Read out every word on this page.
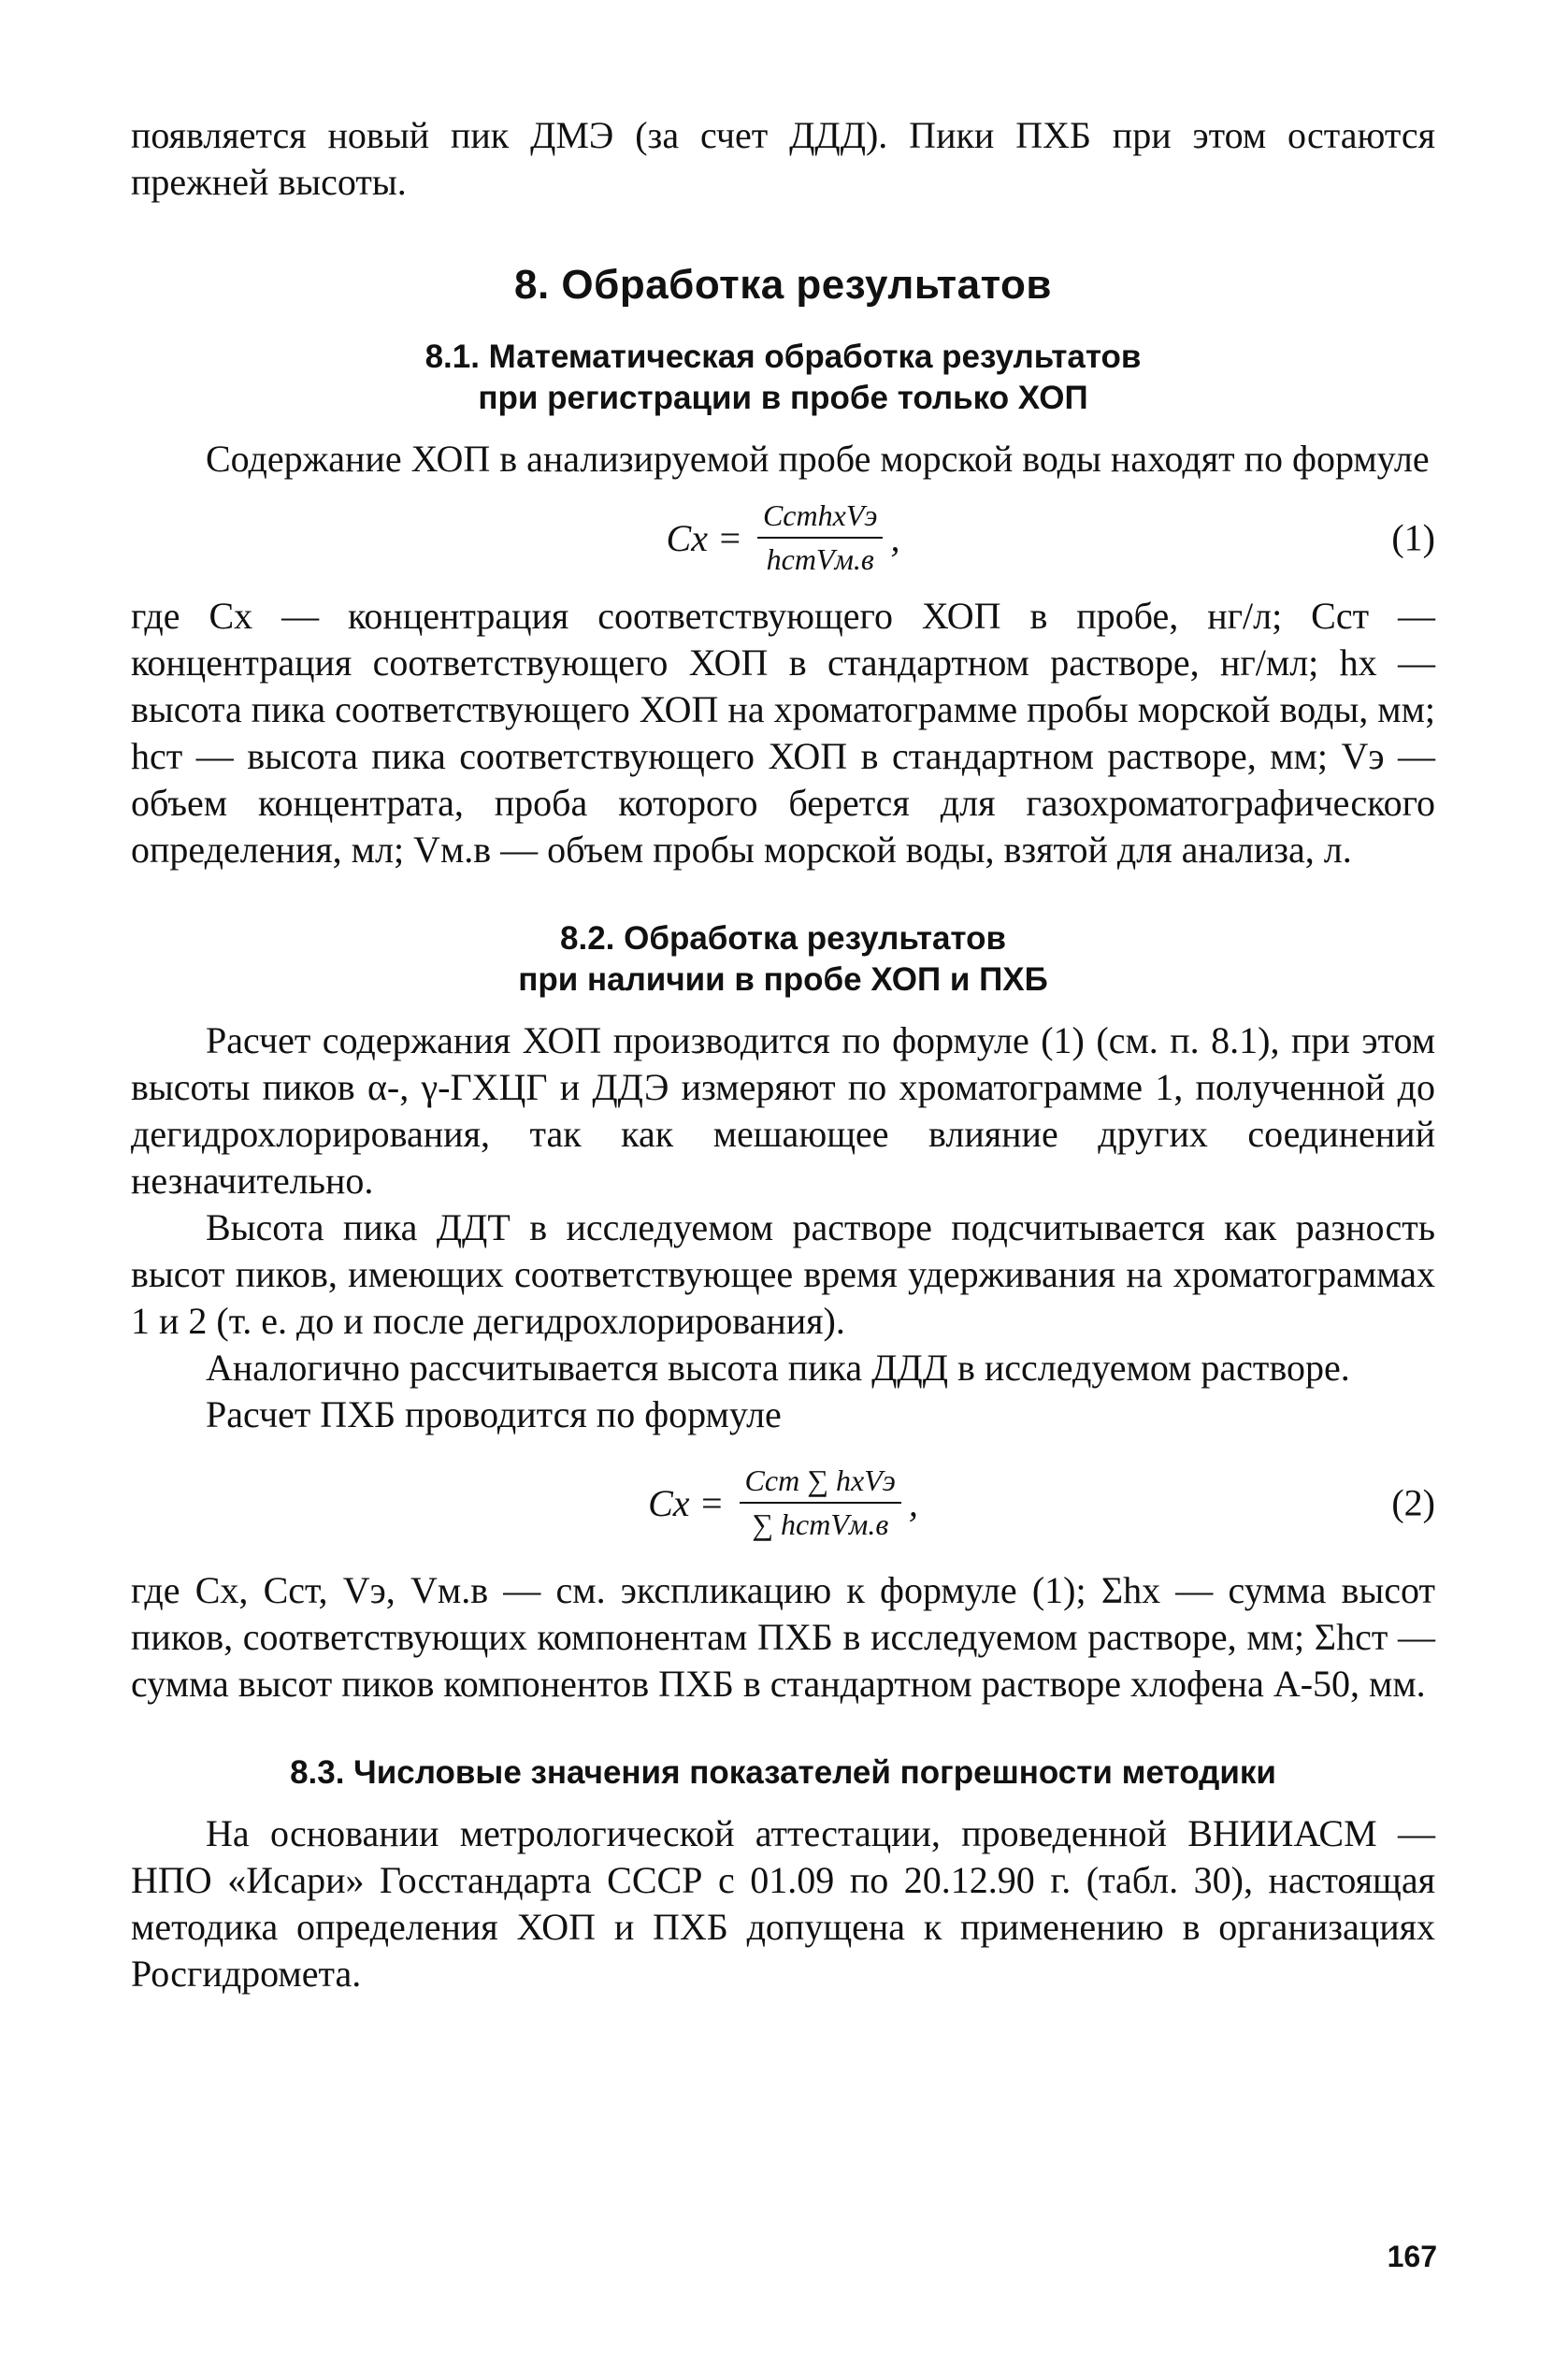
появляется новый пик ДМЭ (за счет ДДД). Пики ПХБ при этом остаются прежней высоты.

8. Обработка результатов
8.1. Математическая обработка результатов
при регистрации в пробе только ХОП

Содержание ХОП в анализируемой пробе морской воды находят по формуле

$Cx = \frac{\text{CстhxVэ}}{\text{hстVм.в}}$ ,	(1)

где Cx — концентрация соответствующего ХОП в пробе, нг/л; Cст — концентрация соответствующего ХОП в стандартном растворе, нг/мл; hx — высота пика соответствующего ХОП на хроматограмме пробы морской воды, мм; hст — высота пика соответствующего ХОП в стандартном растворе, мм; Vэ — объем концентрата, проба которого берется для газохроматографического определения, мл; Vм.в — объем пробы морской воды, взятой для анализа, л.

8.2. Обработка результатов
при наличии в пробе ХОП и ПХБ

Расчет содержания ХОП производится по формуле (1) (см. п. 8.1), при этом высоты пиков α-, γ-ГХЦГ и ДДЭ измеряют по хроматограмме 1, полученной до дегидрохлорирования, так как мешающее влияние других соединений незначительно.

Высота пика ДДТ в исследуемом растворе подсчитывается как разность высот пиков, имеющих соответствующее время удерживания на хроматограммах 1 и 2 (т. е. до и после дегидрохлорирования).

Аналогично рассчитывается высота пика ДДД в исследуемом растворе.

Расчет ПХБ проводится по формуле

$Cx = \frac{\text{Cст ∑ hxVэ}}{\text{∑ hстVм.в}}$ ,	(2)

где Cx, Cст, Vэ, Vм.в — см. экспликацию к формуле (1); Σhx — сумма высот пиков, соответствующих компонентам ПХБ в исследуемом растворе, мм; Σhст — сумма высот пиков компонентов ПХБ в стандартном растворе хлофена А-50, мм.

8.3. Числовые значения показателей погрешности методики

На основании метрологической аттестации, проведенной ВНИИАСМ — НПО «Исари» Госстандарта СССР с 01.09 по 20.12.90 г. (табл. 30), настоящая методика определения ХОП и ПХБ допущена к применению в организациях Росгидромета.

167
